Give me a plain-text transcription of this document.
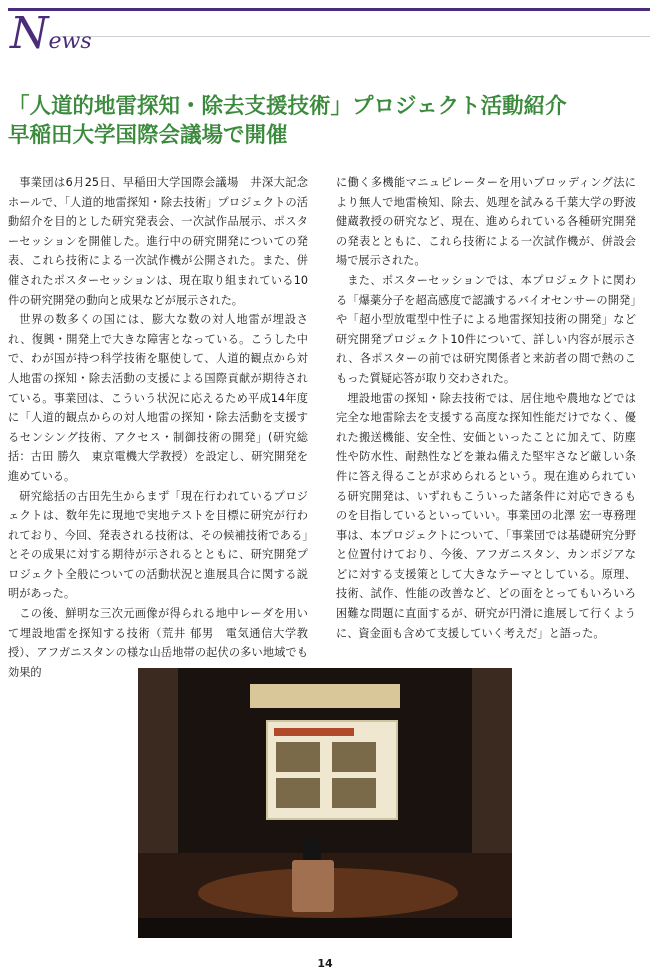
News
「人道的地雷探知・除去支援技術」プロジェクト活動紹介
早稲田大学国際会議場で開催

事業団は6月25日、早稲田大学国際会議場　井深大記念ホールで、「人道的地雷探知・除去技術」プロジェクトの活動紹介を目的とした研究発表会、一次試作品展示、ポスターセッションを開催した。進行中の研究開発についての発表、これら技術による一次試作機が公開された。また、併催されたポスターセッションは、現在取り組まれている10件の研究開発の動向と成果などが展示された。

世界の数多くの国には、膨大な数の対人地雷が埋設され、復興・開発上で大きな障害となっている。こうした中で、わが国が持つ科学技術を駆使して、人道的観点から対人地雷の探知・除去活動の支援による国際貢献が期待されている。事業団は、こういう状況に応えるため平成14年度に「人道的観点からの対人地雷の探知・除去活動を支援するセンシング技術、アクセス・制御技術の開発」(研究総括：古田 勝久　東京電機大学教授）を設定し、研究開発を進めている。

研究総括の古田先生からまず「現在行われているプロジェクトは、数年先に現地で実地テストを目標に研究が行われており、今回、発表される技術は、その候補技術である」とその成果に対する期待が示されるとともに、研究開発プロジェクト全般についての活動状況と進展具合に関する説明があった。

この後、鮮明な三次元画像が得られる地中レーダを用いて埋設地雷を探知する技術（荒井 郁男　電気通信大学教授）、アフガニスタンの様な山岳地帯の起伏の多い地域でも効果的

に働く多機能マニュピレーターを用いブロッディング法により無人で地雷検知、除去、処理を試みる千葉大学の野波 健蔵教授の研究など、現在、進められている各種研究開発の発表とともに、これら技術による一次試作機が、併設会場で展示された。

また、ポスターセッションでは、本プロジェクトに関わる「爆薬分子を超高感度で認識するバイオセンサーの開発」や「超小型放電型中性子による地雷探知技術の開発」など研究開発プロジェクト10件について、詳しい内容が展示され、各ポスターの前では研究関係者と来訪者の間で熱のこもった質疑応答が取り交わされた。

埋設地雷の探知・除去技術では、居住地や農地などでは完全な地雷除去を支援する高度な探知性能だけでなく、優れた搬送機能、安全性、安価といったことに加えて、防塵性や防水性、耐熱性などを兼ね備えた堅牢さなど厳しい条件に答え得ることが求められるという。現在進められている研究開発は、いずれもこういった諸条件に対応できるものを目指しているといっていい。事業団の北澤 宏一専務理事は、本プロジェクトについて、「事業団では基礎研究分野と位置付けており、今後、アフガニスタン、カンボジアなどに対する支援策として大きなテーマとしている。原理、技術、試作、性能の改善など、どの面をとってもいろいろ困難な問題に直面するが、研究が円滑に進展して行くように、資金面も含めて支援していく考えだ」と語った。

14
